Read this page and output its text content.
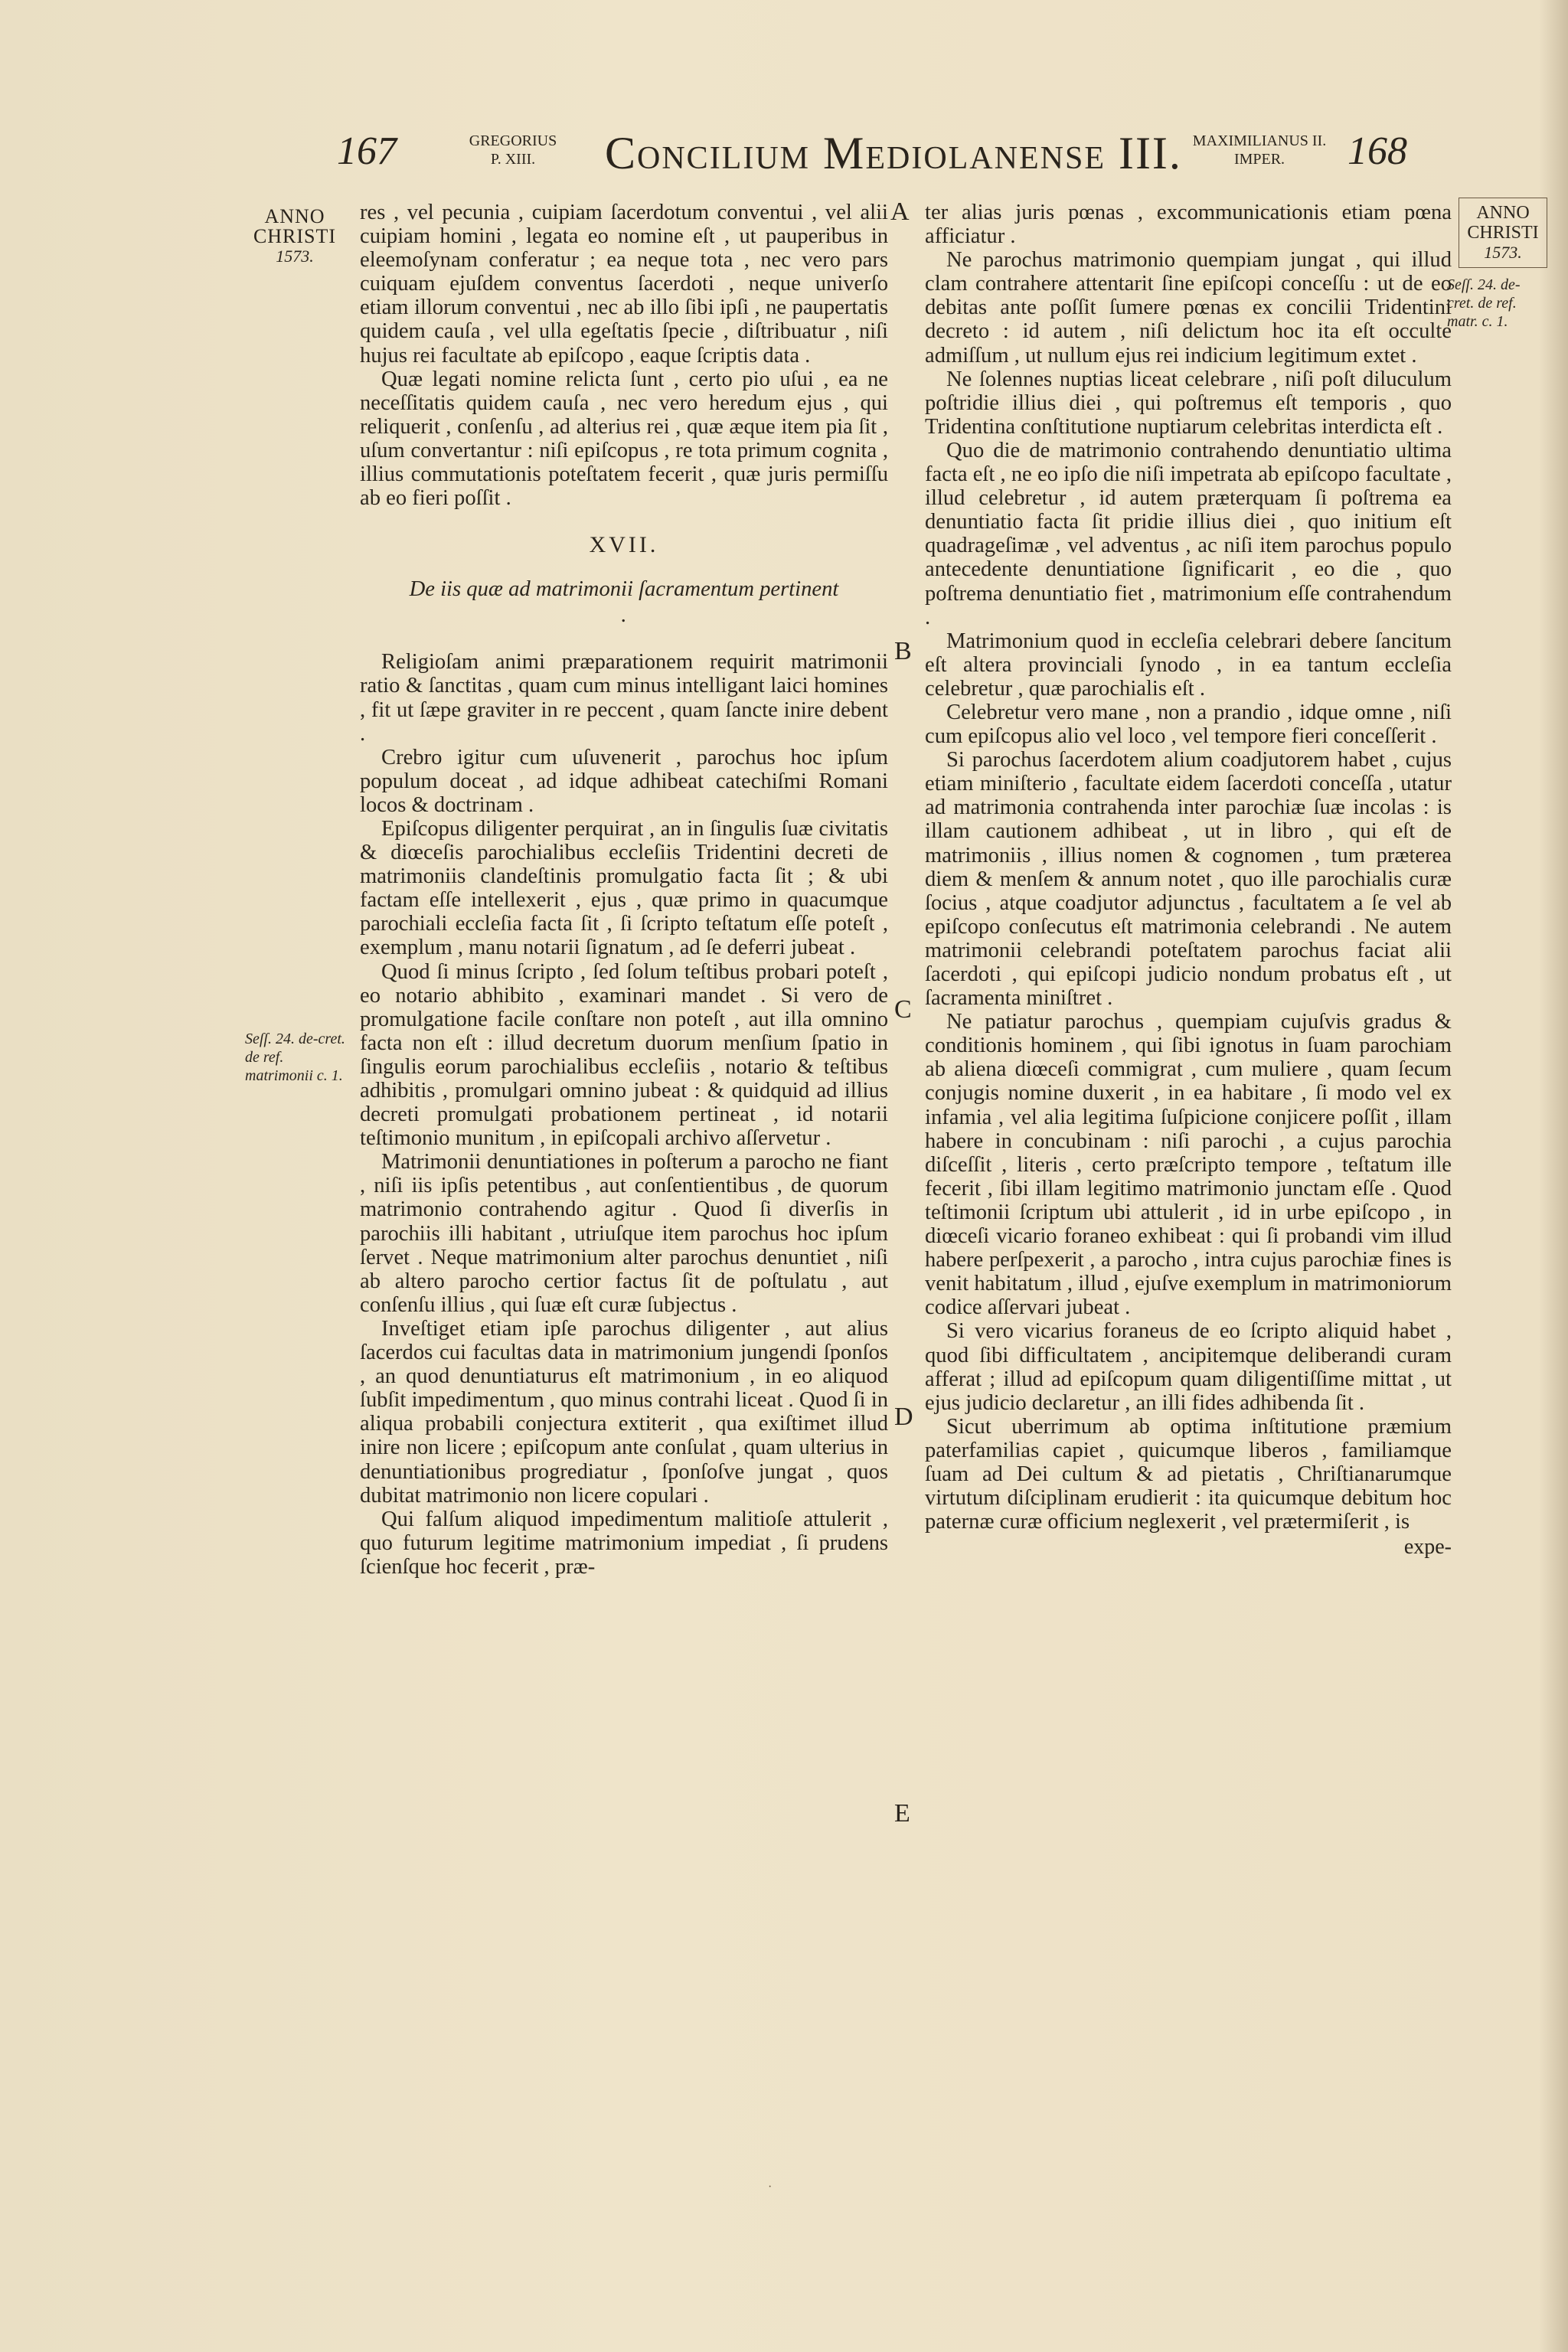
167	GREGORIUS
P. XIII.	Concilium Mediolanense III. MAXIMILIANUS II.
IMPER.	168
ANNO
CHRISTI
1573.
ANNO
CHRISTI
1573.
Seſſ. 24. de-cret. de ref. matrimonii c. 1.
Seſſ. 24. de-cret. de ref. matr. c. 1.
A
B
C
D
E

res , vel pecunia , cuipiam ſacerdotum conventui , vel alii cuipiam homini , legata eo nomine eſt , ut pauperibus in eleemoſynam conferatur ; ea neque tota , nec vero pars cuiquam ejuſdem conventus ſacerdoti , neque univerſo etiam illorum conventui , nec ab illo ſibi ipſi , ne paupertatis quidem cauſa , vel ulla egeſtatis ſpecie , diſtribuatur , niſi hujus rei facultate ab epiſcopo , eaque ſcriptis data .

Quæ legati nomine relicta ſunt , certo pio uſui , ea ne neceſſitatis quidem cauſa , nec vero heredum ejus , qui reliquerit , conſenſu , ad alterius rei , quæ æque item pia ſit , uſum convertantur : niſi epiſcopus , re tota primum cognita , illius commutationis poteſtatem fecerit , quæ juris permiſſu ab eo fieri poſſit .

XVII.

De iis quæ ad matrimonii ſacramentum pertinent .

Religioſam animi præparationem requirit matrimonii ratio & ſanctitas , quam cum minus intelligant laici homines , fit ut ſæpe graviter in re peccent , quam ſancte inire debent .

Crebro igitur cum uſuvenerit , parochus hoc ipſum populum doceat , ad idque adhibeat catechiſmi Romani locos & doctrinam .

Epiſcopus diligenter perquirat , an in ſingulis ſuæ civitatis & diœceſis parochialibus eccleſiis Tridentini decreti de matrimoniis clandeſtinis promulgatio facta ſit ; & ubi factam eſſe intellexerit , ejus , quæ primo in quacumque parochiali eccleſia facta ſit , ſi ſcripto teſtatum eſſe poteſt , exemplum , manu notarii ſignatum , ad ſe deferri jubeat .

Quod ſi minus ſcripto , ſed ſolum teſtibus probari poteſt , eo notario abhibito , examinari mandet . Si vero de promulgatione facile conſtare non poteſt , aut illa omnino facta non eſt : illud decretum duorum menſium ſpatio in ſingulis eorum parochialibus eccleſiis , notario & teſtibus adhibitis , promulgari omnino jubeat : & quidquid ad illius decreti promulgati probationem pertineat , id notarii teſtimonio munitum , in epiſcopali archivo aſſervetur .

Matrimonii denuntiationes in poſterum a parocho ne fiant , niſi iis ipſis petentibus , aut conſentientibus , de quorum matrimonio contrahendo agitur . Quod ſi diverſis in parochiis illi habitant , utriuſque item parochus hoc ipſum ſervet . Neque matrimonium alter parochus denuntiet , niſi ab altero parocho certior factus ſit de poſtulatu , aut conſenſu illius , qui ſuæ eſt curæ ſubjectus .

Inveſtiget etiam ipſe parochus diligenter , aut alius ſacerdos cui facultas data in matrimonium jungendi ſponſos , an quod denuntiaturus eſt matrimonium , in eo aliquod ſubſit impedimentum , quo minus contrahi liceat . Quod ſi in aliqua probabili conjectura extiterit , qua exiſtimet illud inire non licere ; epiſcopum ante conſulat , quam ulterius in denuntiationibus progrediatur , ſponſoſve jungat , quos dubitat matrimonio non licere copulari .

Qui falſum aliquod impedimentum malitioſe attulerit , quo futurum legitime matrimonium impediat , ſi prudens ſcienſque hoc fecerit , præ-

ter alias juris pœnas , excommunicationis etiam pœna afficiatur .

Ne parochus matrimonio quempiam jungat , qui illud clam contrahere attentarit ſine epiſcopi conceſſu : ut de eo debitas ante poſſit ſumere pœnas ex concilii Tridentini decreto : id autem , niſi delictum hoc ita eſt occulte admiſſum , ut nullum ejus rei indicium legitimum extet .

Ne ſolennes nuptias liceat celebrare , niſi poſt diluculum poſtridie illius diei , qui poſtremus eſt temporis , quo Tridentina conſtitutione nuptiarum celebritas interdicta eſt .

Quo die de matrimonio contrahendo denuntiatio ultima facta eſt , ne eo ipſo die niſi impetrata ab epiſcopo facultate , illud celebretur , id autem præterquam ſi poſtrema ea denuntiatio facta ſit pridie illius diei , quo initium eſt quadrageſimæ , vel adventus , ac niſi item parochus populo antecedente denuntiatione ſignificarit , eo die , quo poſtrema denuntiatio fiet , matrimonium eſſe contrahendum .

Matrimonium quod in eccleſia celebrari debere ſancitum eſt altera provinciali ſynodo , in ea tantum eccleſia celebretur , quæ parochialis eſt .

Celebretur vero mane , non a prandio , idque omne , niſi cum epiſcopus alio vel loco , vel tempore fieri conceſſerit .

Si parochus ſacerdotem alium coadjutorem habet , cujus etiam miniſterio , facultate eidem ſacerdoti conceſſa , utatur ad matrimonia contrahenda inter parochiæ ſuæ incolas : is illam cautionem adhibeat , ut in libro , qui eſt de matrimoniis , illius nomen & cognomen , tum præterea diem & menſem & annum notet , quo ille parochialis curæ ſocius , atque coadjutor adjunctus , facultatem a ſe vel ab epiſcopo conſecutus eſt matrimonia celebrandi . Ne autem matrimonii celebrandi poteſtatem parochus faciat alii ſacerdoti , qui epiſcopi judicio nondum probatus eſt , ut ſacramenta miniſtret .

Ne patiatur parochus , quempiam cujuſvis gradus & conditionis hominem , qui ſibi ignotus in ſuam parochiam ab aliena diœceſi commigrat , cum muliere , quam ſecum conjugis nomine duxerit , in ea habitare , ſi modo vel ex infamia , vel alia legitima ſuſpicione conjicere poſſit , illam habere in concubinam : niſi parochi , a cujus parochia diſceſſit , literis , certo præſcripto tempore , teſtatum ille fecerit , ſibi illam legitimo matrimonio junctam eſſe . Quod teſtimonii ſcriptum ubi attulerit , id in urbe epiſcopo , in diœceſi vicario foraneo exhibeat : qui ſi probandi vim illud habere perſpexerit , a parocho , intra cujus parochiæ fines is venit habitatum , illud , ejuſve exemplum in matrimoniorum codice aſſervari jubeat .

Si vero vicarius foraneus de eo ſcripto aliquid habet , quod ſibi difficultatem , ancipitemque deliberandi curam afferat ; illud ad epiſcopum quam diligentiſſime mittat , ut ejus judicio declaretur , an illi fides adhibenda ſit .

Sicut uberrimum ab optima inſtitutione præmium paterfamilias capiet , quicumque liberos , familiamque ſuam ad Dei cultum & ad pietatis , Chriſtianarumque virtutum diſciplinam erudierit : ita quicumque debitum hoc paternæ curæ officium neglexerit , vel prætermiſerit , is

expe-

·
